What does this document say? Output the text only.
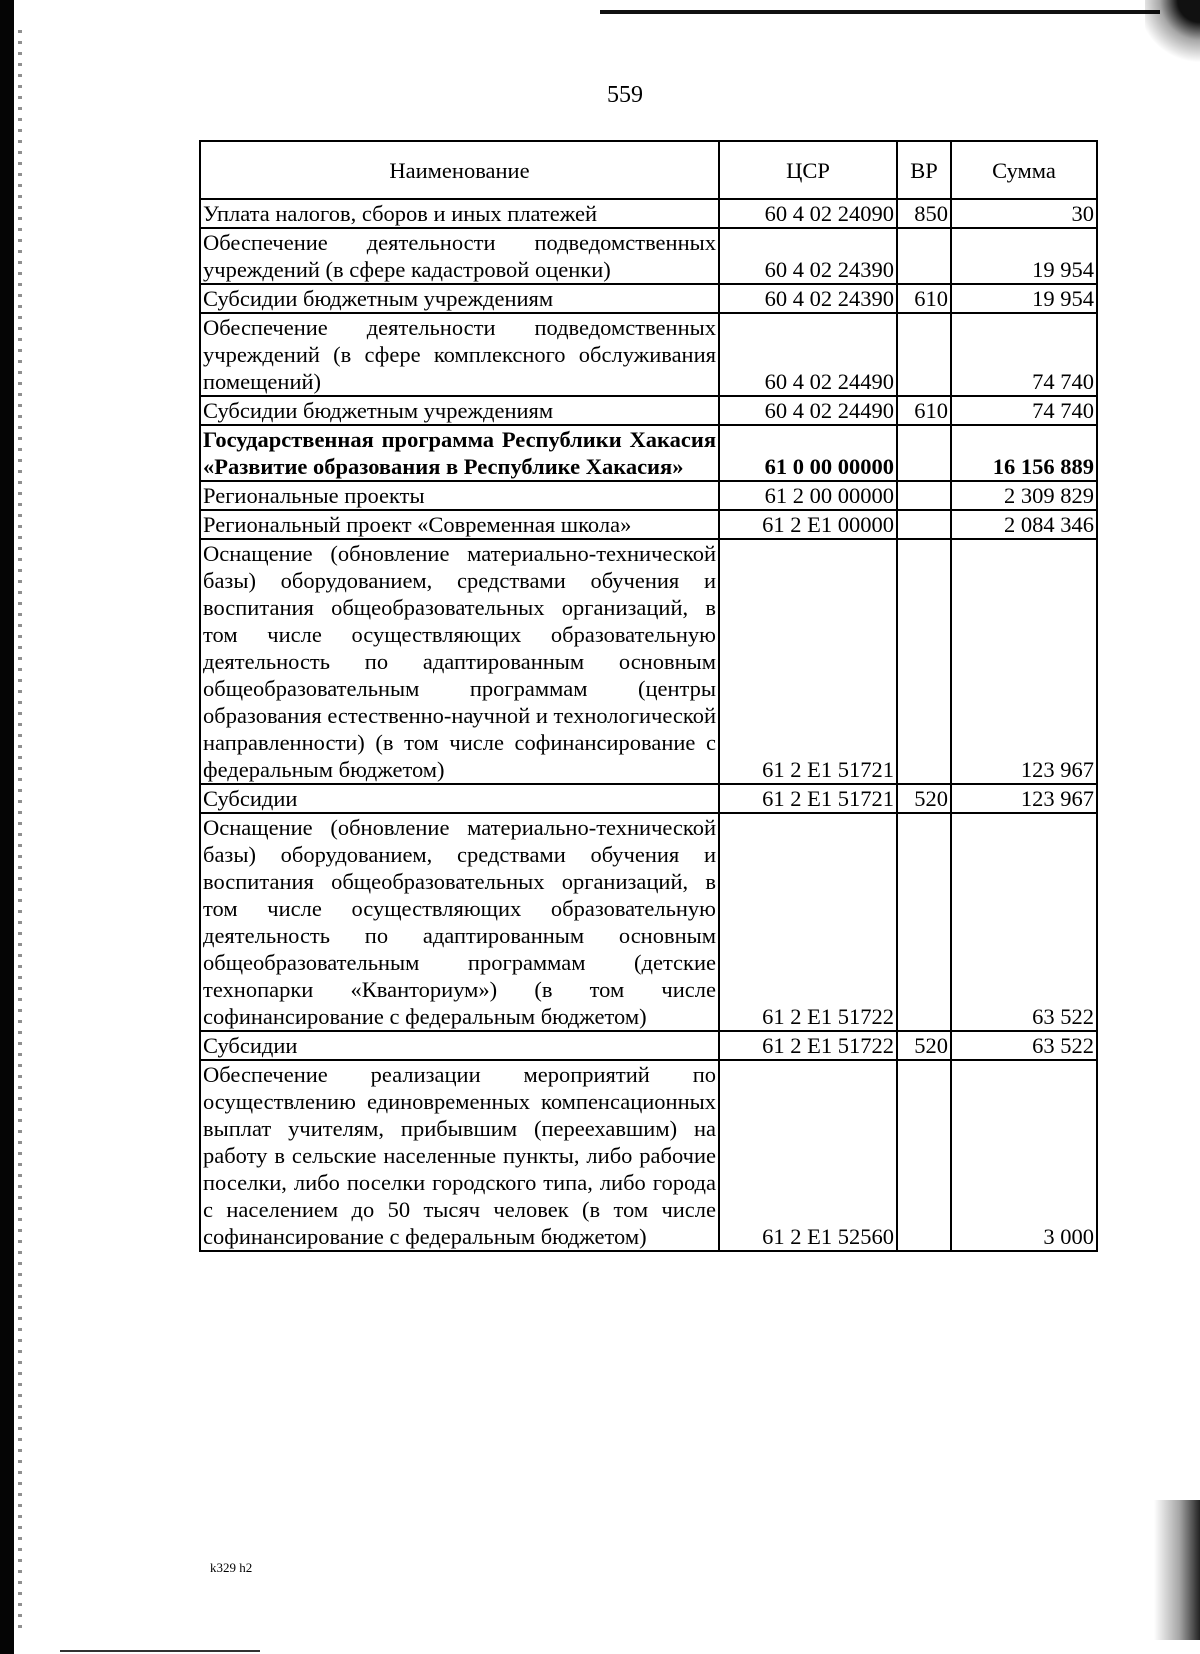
559
Наименование	ЦСР	ВР	Сумма
Уплата налогов, сборов и иных платежей	60 4 02 24090	850	30
Обеспечение деятельности подведомственных учреждений (в сфере кадастровой оценки)	60 4 02 24390		19 954
Субсидии бюджетным учреждениям	60 4 02 24390	610	19 954
Обеспечение деятельности подведомственных учреждений (в сфере комплексного обслуживания помещений)	60 4 02 24490		74 740
Субсидии бюджетным учреждениям	60 4 02 24490	610	74 740
Государственная программа Республики Хакасия «Развитие образования в Республике Хакасия»	61 0 00 00000		16 156 889
Региональные проекты	61 2 00 00000		2 309 829
Региональный проект «Современная школа»	61 2 E1 00000		2 084 346
Оснащение (обновление материально-технической базы) оборудованием, средствами обучения и воспитания общеобразовательных организаций, в том числе осуществляющих образовательную деятельность по адаптированным основным общеобразовательным программам (центры образования естественно-научной и технологической направленности) (в том числе софинансирование с федеральным бюджетом)	61 2 E1 51721		123 967
Субсидии	61 2 E1 51721	520	123 967
Оснащение (обновление материально-технической базы) оборудованием, средствами обучения и воспитания общеобразовательных организаций, в том числе осуществляющих образовательную деятельность по адаптированным основным общеобразовательным программам (детские технопарки «Кванториум») (в том числе софинансирование с федеральным бюджетом)	61 2 E1 51722		63 522
Субсидии	61 2 E1 51722	520	63 522
Обеспечение реализации мероприятий по осуществлению единовременных компенсационных выплат учителям, прибывшим (переехавшим) на работу в сельские населенные пункты, либо рабочие поселки, либо поселки городского типа, либо города с населением до 50 тысяч человек (в том числе софинансирование с федеральным бюджетом)	61 2 E1 52560		3 000
k329 h2
